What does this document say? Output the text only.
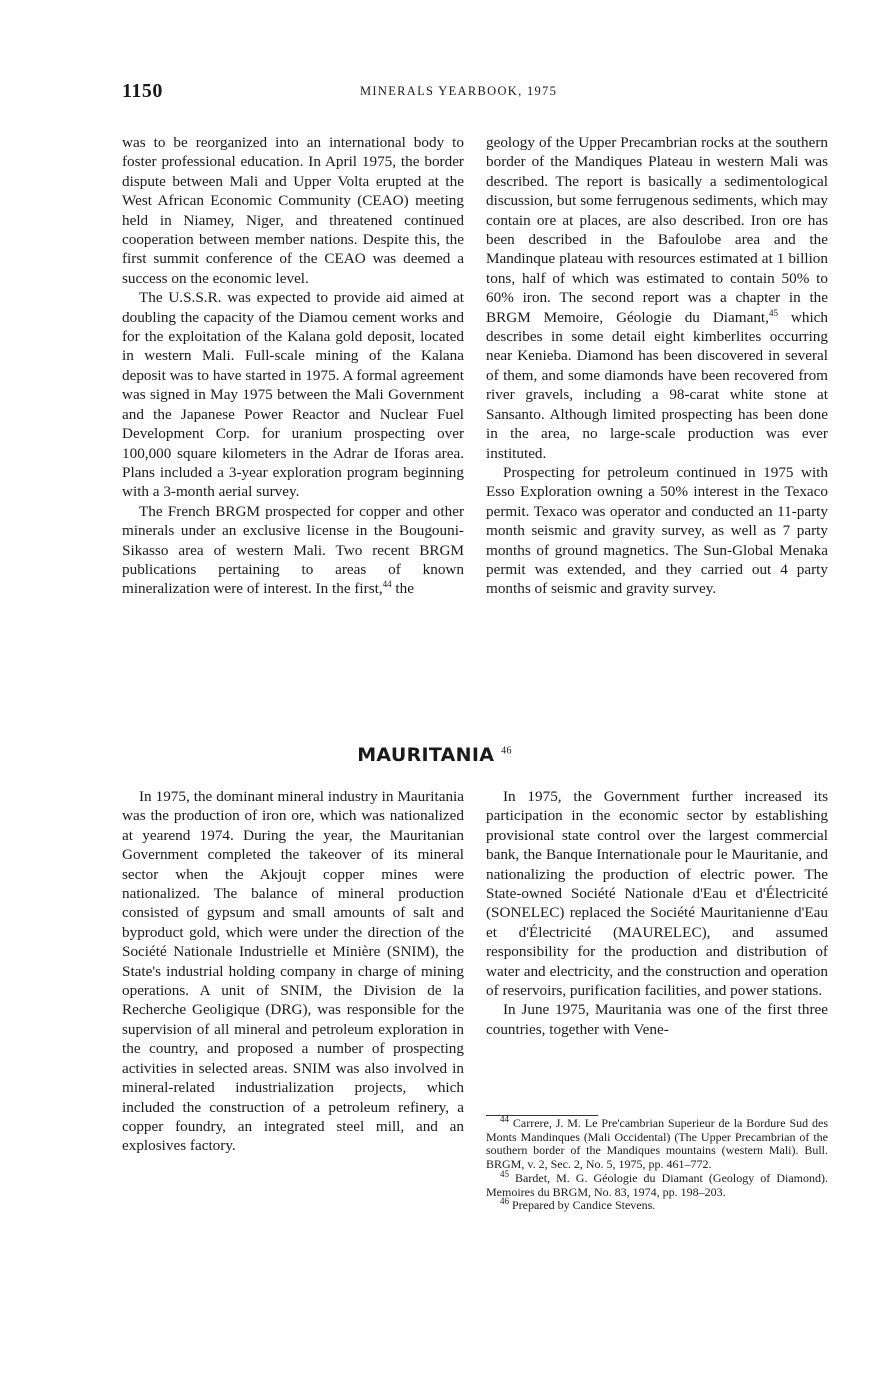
1150	MINERALS YEARBOOK, 1975

was to be reorganized into an international body to foster professional education. In April 1975, the border dispute between Mali and Upper Volta erupted at the West African Economic Community (CEAO) meeting held in Niamey, Niger, and threatened continued cooperation between member nations. Despite this, the first summit conference of the CEAO was deemed a success on the economic level.

The U.S.S.R. was expected to provide aid aimed at doubling the capacity of the Diamou cement works and for the exploitation of the Kalana gold deposit, located in western Mali. Full-scale mining of the Kalana deposit was to have started in 1975. A formal agreement was signed in May 1975 between the Mali Government and the Japanese Power Reactor and Nuclear Fuel Development Corp. for uranium prospecting over 100,000 square kilometers in the Adrar de Iforas area. Plans included a 3-year exploration program beginning with a 3-month aerial survey.

The French BRGM prospected for copper and other minerals under an exclusive license in the Bougouni-Sikasso area of western Mali. Two recent BRGM publications pertaining to areas of known mineralization were of interest. In the first,$^{44}$ the

geology of the Upper Precambrian rocks at the southern border of the Mandiques Plateau in western Mali was described. The report is basically a sedimentological discussion, but some ferrugenous sediments, which may contain ore at places, are also described. Iron ore has been described in the Bafoulobe area and the Mandinque plateau with resources estimated at 1 billion tons, half of which was estimated to contain 50% to 60% iron. The second report was a chapter in the BRGM Memoire, Géologie du Diamant,$^{45}$ which describes in some detail eight kimberlites occurring near Kenieba. Diamond has been discovered in several of them, and some diamonds have been recovered from river gravels, including a 98-carat white stone at Sansanto. Although limited prospecting has been done in the area, no large-scale production was ever instituted.

Prospecting for petroleum continued in 1975 with Esso Exploration owning a 50% interest in the Texaco permit. Texaco was operator and conducted an 11-party month seismic and gravity survey, as well as 7 party months of ground magnetics. The Sun-Global Menaka permit was extended, and they carried out 4 party months of seismic and gravity survey.

MAURITANIA $^{46}$

In 1975, the dominant mineral industry in Mauritania was the production of iron ore, which was nationalized at yearend 1974. During the year, the Mauritanian Government completed the takeover of its mineral sector when the Akjoujt copper mines were nationalized. The balance of mineral production consisted of gypsum and small amounts of salt and byproduct gold, which were under the direction of the Société Nationale Industrielle et Minière (SNIM), the State's industrial holding company in charge of mining operations. A unit of SNIM, the Division de la Recherche Geoligique (DRG), was responsible for the supervision of all mineral and petroleum exploration in the country, and proposed a number of prospecting activities in selected areas. SNIM was also involved in mineral-related industrialization projects, which included the construction of a petroleum refinery, a copper foundry, an integrated steel mill, and an explosives factory.

In 1975, the Government further increased its participation in the economic sector by establishing provisional state control over the largest commercial bank, the Banque Internationale pour le Mauritanie, and nationalizing the production of electric power. The State-owned Société Nationale d'Eau et d'Électricité (SONELEC) replaced the Société Mauritanienne d'Eau et d'Électricité (MAURELEC), and assumed responsibility for the production and distribution of water and electricity, and the construction and operation of reservoirs, purification facilities, and power stations.

In June 1975, Mauritania was one of the first three countries, together with Vene-

$^{44}$ Carrere, J. M. Le Pre'cambrian Superieur de la Bordure Sud des Monts Mandinques (Mali Occidental) (The Upper Precambrian of the southern border of the Mandiques mountains (western Mali). Bull. BRGM, v. 2, Sec. 2, No. 5, 1975, pp. 461–772.

$^{45}$ Bardet, M. G. Géologie du Diamant (Geology of Diamond). Memoires du BRGM, No. 83, 1974, pp. 198–203.

$^{46}$ Prepared by Candice Stevens.
